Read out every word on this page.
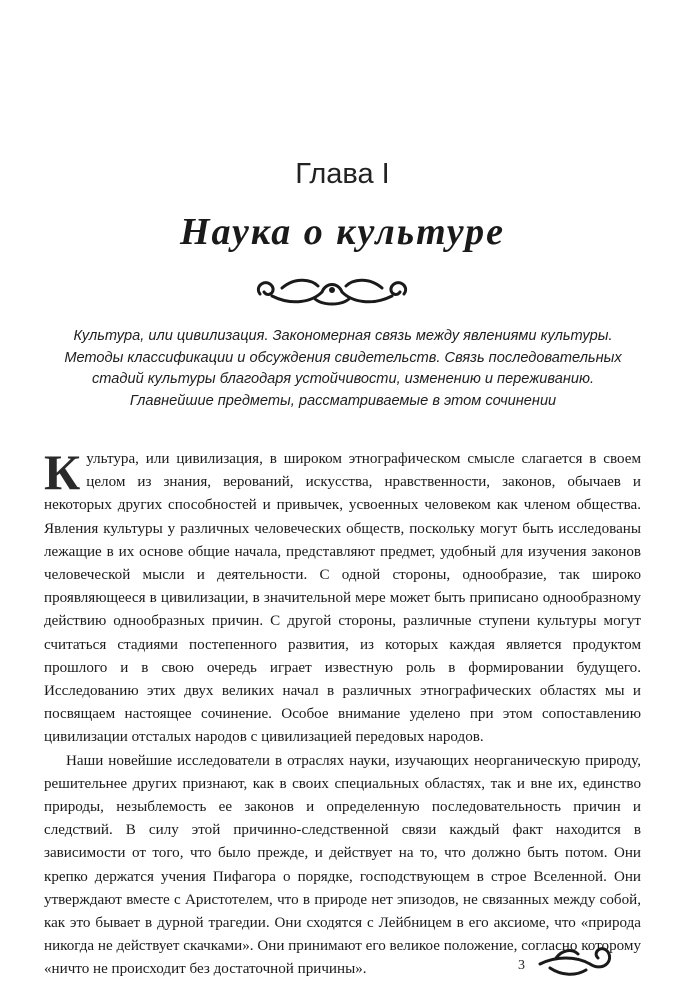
Глава I
Наука о культуре
Культура, или цивилизация. Закономерная связь между явлениями культуры. Методы классификации и обсуждения свидетельств. Связь последовательных стадий культуры благодаря устойчивости, изменению и переживанию. Главнейшие предметы, рассматриваемые в этом сочинении

Культура, или цивилизация, в широком этнографическом смысле слагается в своем целом из знания, верований, искусства, нравственности, законов, обычаев и некоторых других способностей и привычек, усвоенных человеком как членом общества. Явления культуры у различных человеческих обществ, поскольку могут быть исследованы лежащие в их основе общие начала, представляют предмет, удобный для изучения законов человеческой мысли и деятельности. С одной стороны, однообразие, так широко проявляющееся в цивилизации, в значительной мере может быть приписано однообразному действию однообразных причин. С другой стороны, различные ступени культуры могут считаться стадиями постепенного развития, из которых каждая является продуктом прошлого и в свою очередь играет известную роль в формировании будущего. Исследованию этих двух великих начал в различных этнографических областях мы и посвящаем настоящее сочинение. Особое внимание уделено при этом сопоставлению цивилизации отсталых народов с цивилизацией передовых народов.

Наши новейшие исследователи в отраслях науки, изучающих неорганическую природу, решительнее других признают, как в своих специальных областях, так и вне их, единство природы, незыблемость ее законов и определенную последовательность причин и следствий. В силу этой причинно-следственной связи каждый факт находится в зависимости от того, что было прежде, и действует на то, что должно быть потом. Они крепко держатся учения Пифагора о порядке, господствующем в строе Вселенной. Они утверждают вместе с Аристотелем, что в природе нет эпизодов, не связанных между собой, как это бывает в дурной трагедии. Они сходятся с Лейбницем в его аксиоме, что «природа никогда не действует скачками». Они принимают его великое положение, согласно которому «ничто не происходит без достаточной причины».	3
